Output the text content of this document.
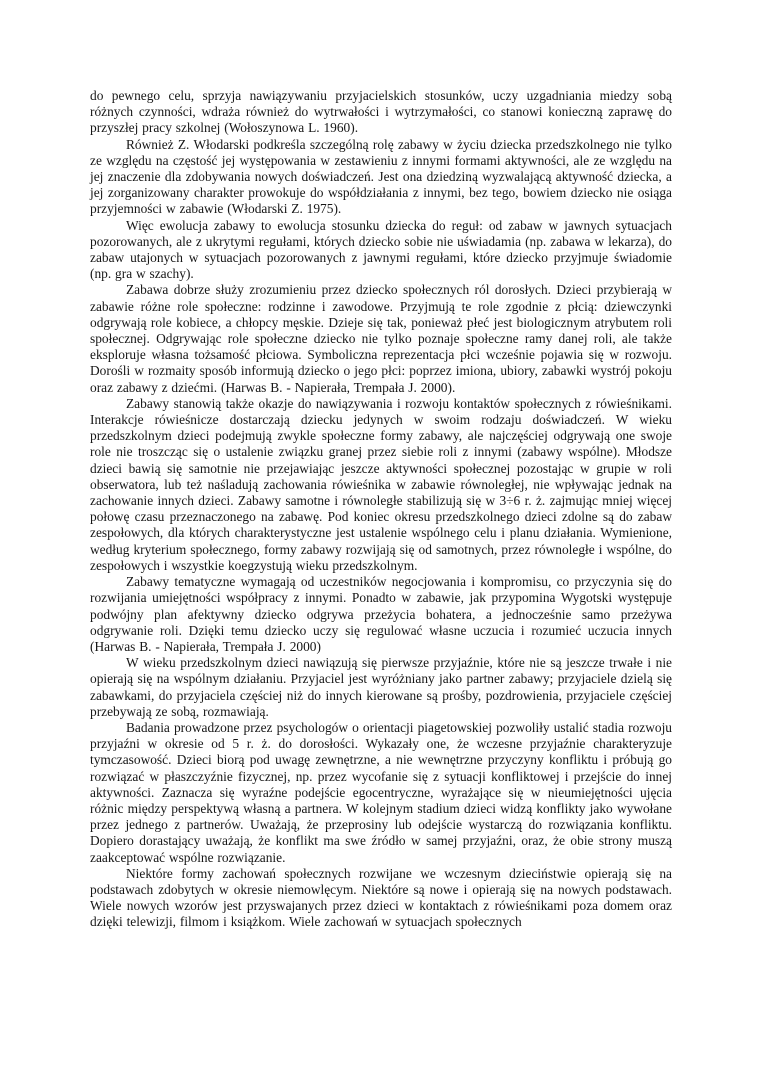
do pewnego celu, sprzyja nawiązywaniu przyjacielskich stosunków, uczy uzgadniania miedzy sobą różnych czynności, wdraża również do wytrwałości i wytrzymałości, co stanowi konieczną zaprawę do przyszłej pracy szkolnej (Wołoszynowa L. 1960).

Również Z. Włodarski podkreśla szczególną rolę zabawy w życiu dziecka przedszkolnego nie tylko ze względu na częstość jej występowania w zestawieniu z innymi formami aktywności, ale ze względu na jej znaczenie dla zdobywania nowych doświadczeń. Jest ona dziedziną wyzwalającą aktywność dziecka, a jej zorganizowany charakter prowokuje do współdziałania z innymi, bez tego, bowiem dziecko nie osiąga przyjemności w zabawie (Włodarski Z. 1975).

Więc ewolucja zabawy to ewolucja stosunku dziecka do reguł: od zabaw w jawnych sytuacjach pozorowanych, ale z ukrytymi regułami, których dziecko sobie nie uświadamia (np. zabawa w lekarza), do zabaw utajonych w sytuacjach pozorowanych z jawnymi regułami, które dziecko przyjmuje świadomie (np. gra w szachy).

Zabawa dobrze służy zrozumieniu przez dziecko społecznych ról dorosłych. Dzieci przybierają w zabawie różne role społeczne: rodzinne i zawodowe. Przyjmują te role zgodnie z płcią: dziewczynki odgrywają role kobiece, a chłopcy męskie. Dzieje się tak, ponieważ płeć jest biologicznym atrybutem roli społecznej. Odgrywając role społeczne dziecko nie tylko poznaje społeczne ramy danej roli, ale także eksploruje własna tożsamość płciowa. Symboliczna reprezentacja płci wcześnie pojawia się w rozwoju. Dorośli w rozmaity sposób informują dziecko o jego płci: poprzez imiona, ubiory, zabawki wystrój pokoju oraz zabawy z dziećmi. (Harwas B. - Napierała, Trempała J. 2000).

Zabawy stanowią także okazje do nawiązywania i rozwoju kontaktów społecznych z rówieśnikami. Interakcje rówieśnicze dostarczają dziecku jedynych w swoim rodzaju doświadczeń. W wieku przedszkolnym dzieci podejmują zwykle społeczne formy zabawy, ale najczęściej odgrywają one swoje role nie troszcząc się o ustalenie związku granej przez siebie roli z innymi (zabawy wspólne). Młodsze dzieci bawią się samotnie nie przejawiając jeszcze aktywności społecznej pozostając w grupie w roli obserwatora, lub też naśladują zachowania rówieśnika w zabawie równoległej, nie wpływając jednak na zachowanie innych dzieci. Zabawy samotne i równoległe stabilizują się w 3÷6 r. ż. zajmując mniej więcej połowę czasu przeznaczonego na zabawę. Pod koniec okresu przedszkolnego dzieci zdolne są do zabaw zespołowych, dla których charakterystyczne jest ustalenie wspólnego celu i planu działania. Wymienione, według kryterium społecznego, formy zabawy rozwijają się od samotnych, przez równoległe i wspólne, do zespołowych i wszystkie koegzystują wieku przedszkolnym.

Zabawy tematyczne wymagają od uczestników negocjowania i kompromisu, co przyczynia się do rozwijania umiejętności współpracy z innymi. Ponadto w zabawie, jak przypomina Wygotski występuje podwójny plan afektywny dziecko odgrywa przeżycia bohatera, a jednocześnie samo przeżywa odgrywanie roli. Dzięki temu dziecko uczy się regulować własne uczucia i rozumieć uczucia innych (Harwas B. - Napierała, Trempała J. 2000)

W wieku przedszkolnym dzieci nawiązują się pierwsze przyjaźnie, które nie są jeszcze trwałe i nie opierają się na wspólnym działaniu. Przyjaciel jest wyróżniany jako partner zabawy; przyjaciele dzielą się zabawkami, do przyjaciela częściej niż do innych kierowane są prośby, pozdrowienia, przyjaciele częściej przebywają ze sobą, rozmawiają.

Badania prowadzone przez psychologów o orientacji piagetowskiej pozwoliły ustalić stadia rozwoju przyjaźni w okresie od 5 r. ż. do dorosłości. Wykazały one, że wczesne przyjaźnie charakteryzuje tymczasowość. Dzieci biorą pod uwagę zewnętrzne, a nie wewnętrzne przyczyny konfliktu i próbują go rozwiązać w płaszczyźnie fizycznej, np. przez wycofanie się z sytuacji konfliktowej i przejście do innej aktywności. Zaznacza się wyraźne podejście egocentryczne, wyrażające się w nieumiejętności ujęcia różnic między perspektywą własną a partnera. W kolejnym stadium dzieci widzą konflikty jako wywołane przez jednego z partnerów. Uważają, że przeprosiny lub odejście wystarczą do rozwiązania konfliktu. Dopiero dorastający uważają, że konflikt ma swe źródło w samej przyjaźni, oraz, że obie strony muszą zaakceptować wspólne rozwiązanie.

Niektóre formy zachowań społecznych rozwijane we wczesnym dzieciństwie opierają się na podstawach zdobytych w okresie niemowlęcym. Niektóre są nowe i opierają się na nowych podstawach. Wiele nowych wzorów jest przyswajanych przez dzieci w kontaktach z rówieśnikami poza domem oraz dzięki telewizji, filmom i książkom. Wiele zachowań w sytuacjach społecznych
